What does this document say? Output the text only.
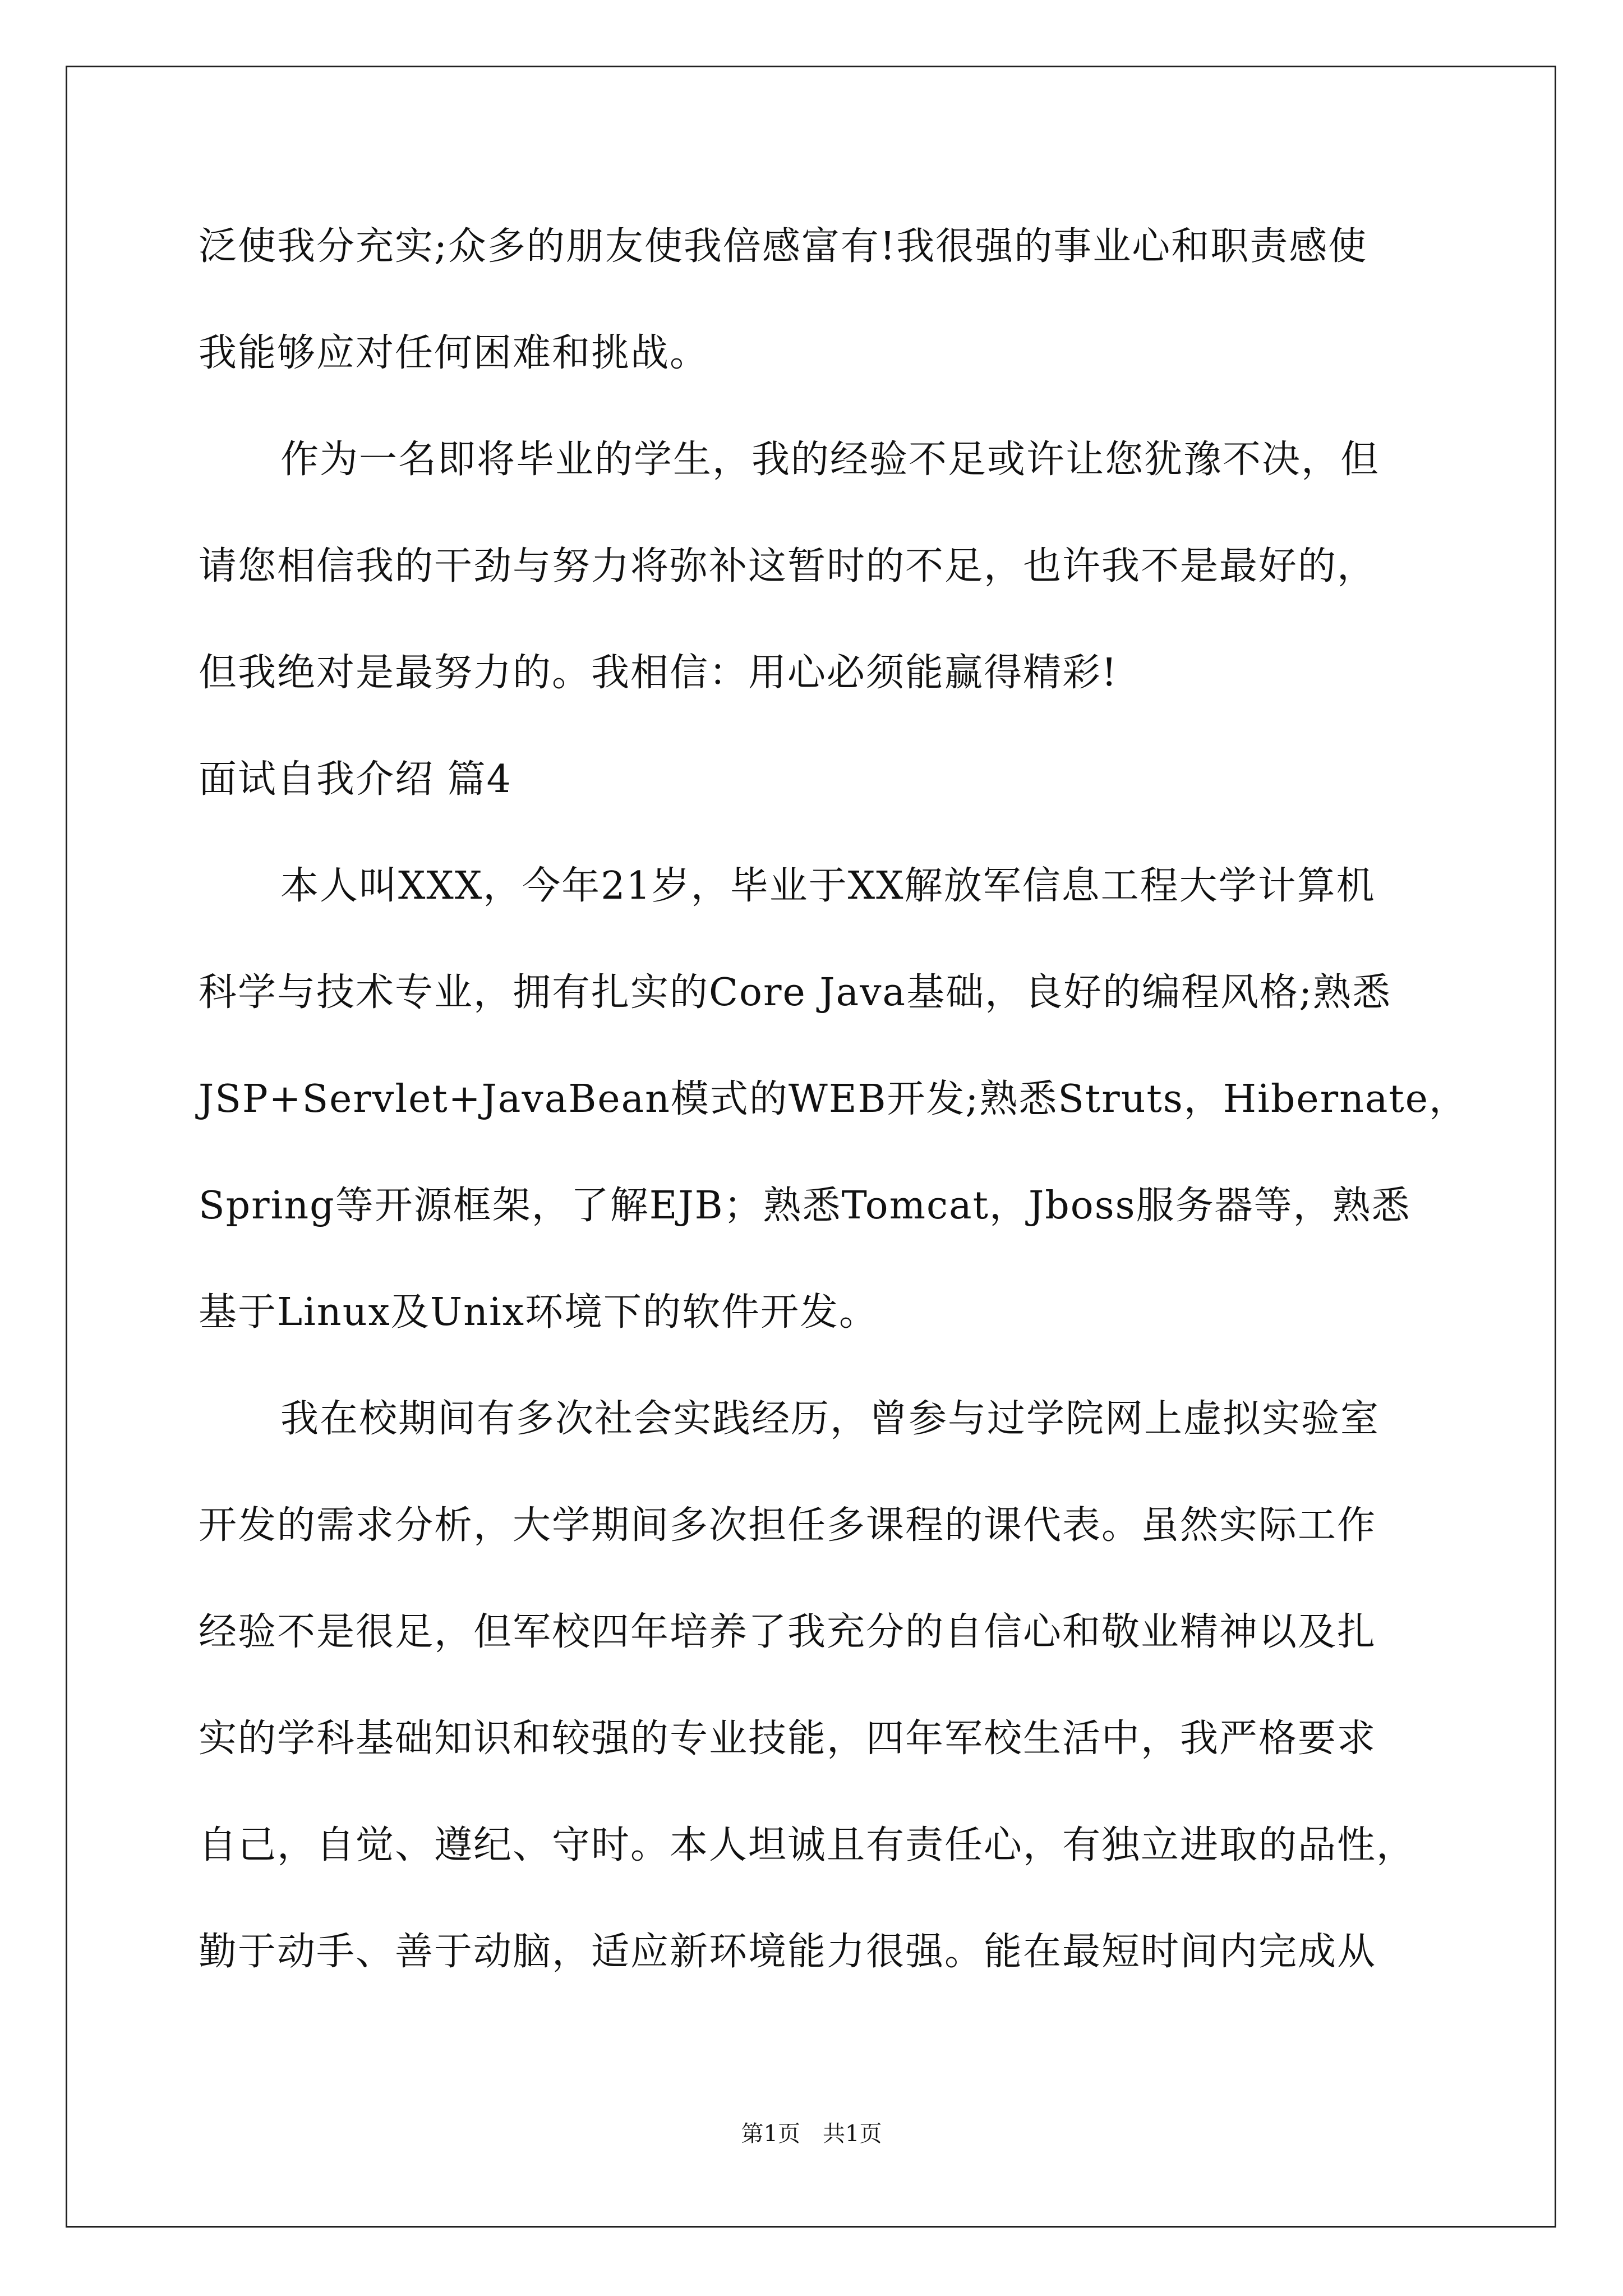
泛使我分充实;众多的朋友使我倍感富有!我很强的事业心和职责感使

我能够应对任何困难和挑战。

作为一名即将毕业的学生，我的经验不足或许让您犹豫不决，但

请您相信我的干劲与努力将弥补这暂时的不足，也许我不是最好的，

但我绝对是最努力的。我相信：用心必须能赢得精彩!

面试自我介绍 篇4

本人叫XXX，今年21岁，毕业于XX解放军信息工程大学计算机

科学与技术专业，拥有扎实的Core Java基础，良好的编程风格;熟悉

JSP+Servlet+JavaBean模式的WEB开发;熟悉Struts，Hibernate，

Spring等开源框架，了解EJB；熟悉Tomcat，Jboss服务器等，熟悉

基于Linux及Unix环境下的软件开发。

我在校期间有多次社会实践经历，曾参与过学院网上虚拟实验室

开发的需求分析，大学期间多次担任多课程的课代表。虽然实际工作

经验不是很足，但军校四年培养了我充分的自信心和敬业精神以及扎

实的学科基础知识和较强的专业技能，四年军校生活中，我严格要求

自己，自觉、遵纪、守时。本人坦诚且有责任心，有独立进取的品性，

勤于动手、善于动脑，适应新环境能力很强。能在最短时间内完成从

第1页　共1页
